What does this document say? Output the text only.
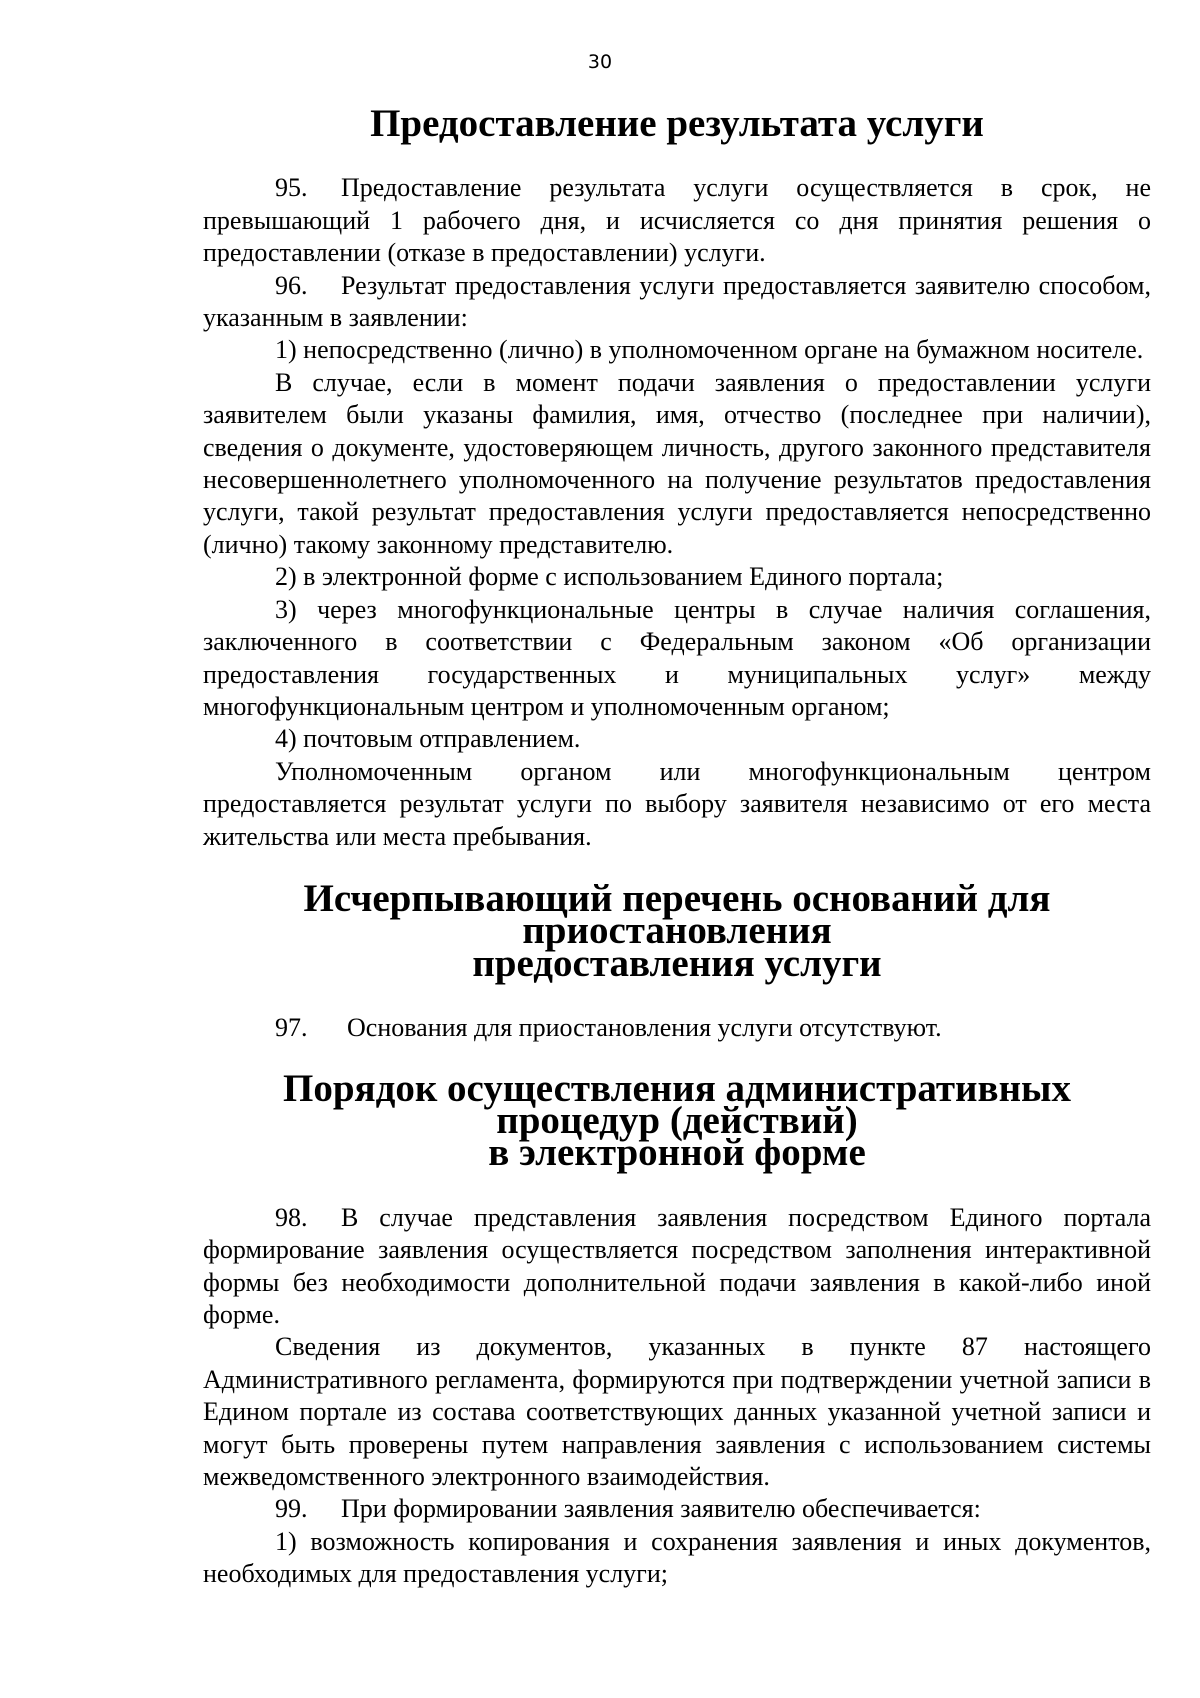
30
Предоставление результата услуги

95. Предоставление результата услуги осуществляется в срок, не превышающий 1 рабочего дня, и исчисляется со дня принятия решения о предоставлении (отказе в предоставлении) услуги.

96. Результат предоставления услуги предоставляется заявителю способом, указанным в заявлении:

1) непосредственно (лично) в уполномоченном органе на бумажном носителе.

В случае, если в момент подачи заявления о предоставлении услуги заявителем были указаны фамилия, имя, отчество (последнее при наличии), сведения о документе, удостоверяющем личность, другого законного представителя несовершеннолетнего уполномоченного на получение результатов предоставления услуги, такой результат предоставления услуги предоставляется непосредственно (лично) такому законному представителю.

2) в электронной форме с использованием Единого портала;

3) через многофункциональные центры в случае наличия соглашения, заключенного в соответствии с Федеральным законом «Об организации предоставления государственных и муниципальных услуг» между многофункциональным центром и уполномоченным органом;

4) почтовым отправлением.

Уполномоченным органом или многофункциональным центром предоставляется результат услуги по выбору заявителя независимо от его места жительства или места пребывания.

Исчерпывающий перечень оснований для приостановления
предоставления услуги

97. Основания для приостановления услуги отсутствуют.

Порядок осуществления административных процедур (действий)
в электронной форме

98. В случае представления заявления посредством Единого портала формирование заявления осуществляется посредством заполнения интерактивной формы без необходимости дополнительной подачи заявления в какой-либо иной форме.

Сведения из документов, указанных в пункте 87 настоящего Административного регламента, формируются при подтверждении учетной записи в Едином портале из состава соответствующих данных указанной учетной записи и могут быть проверены путем направления заявления с использованием системы межведомственного электронного взаимодействия.

99. При формировании заявления заявителю обеспечивается:

1) возможность копирования и сохранения заявления и иных документов, необходимых для предоставления услуги;
